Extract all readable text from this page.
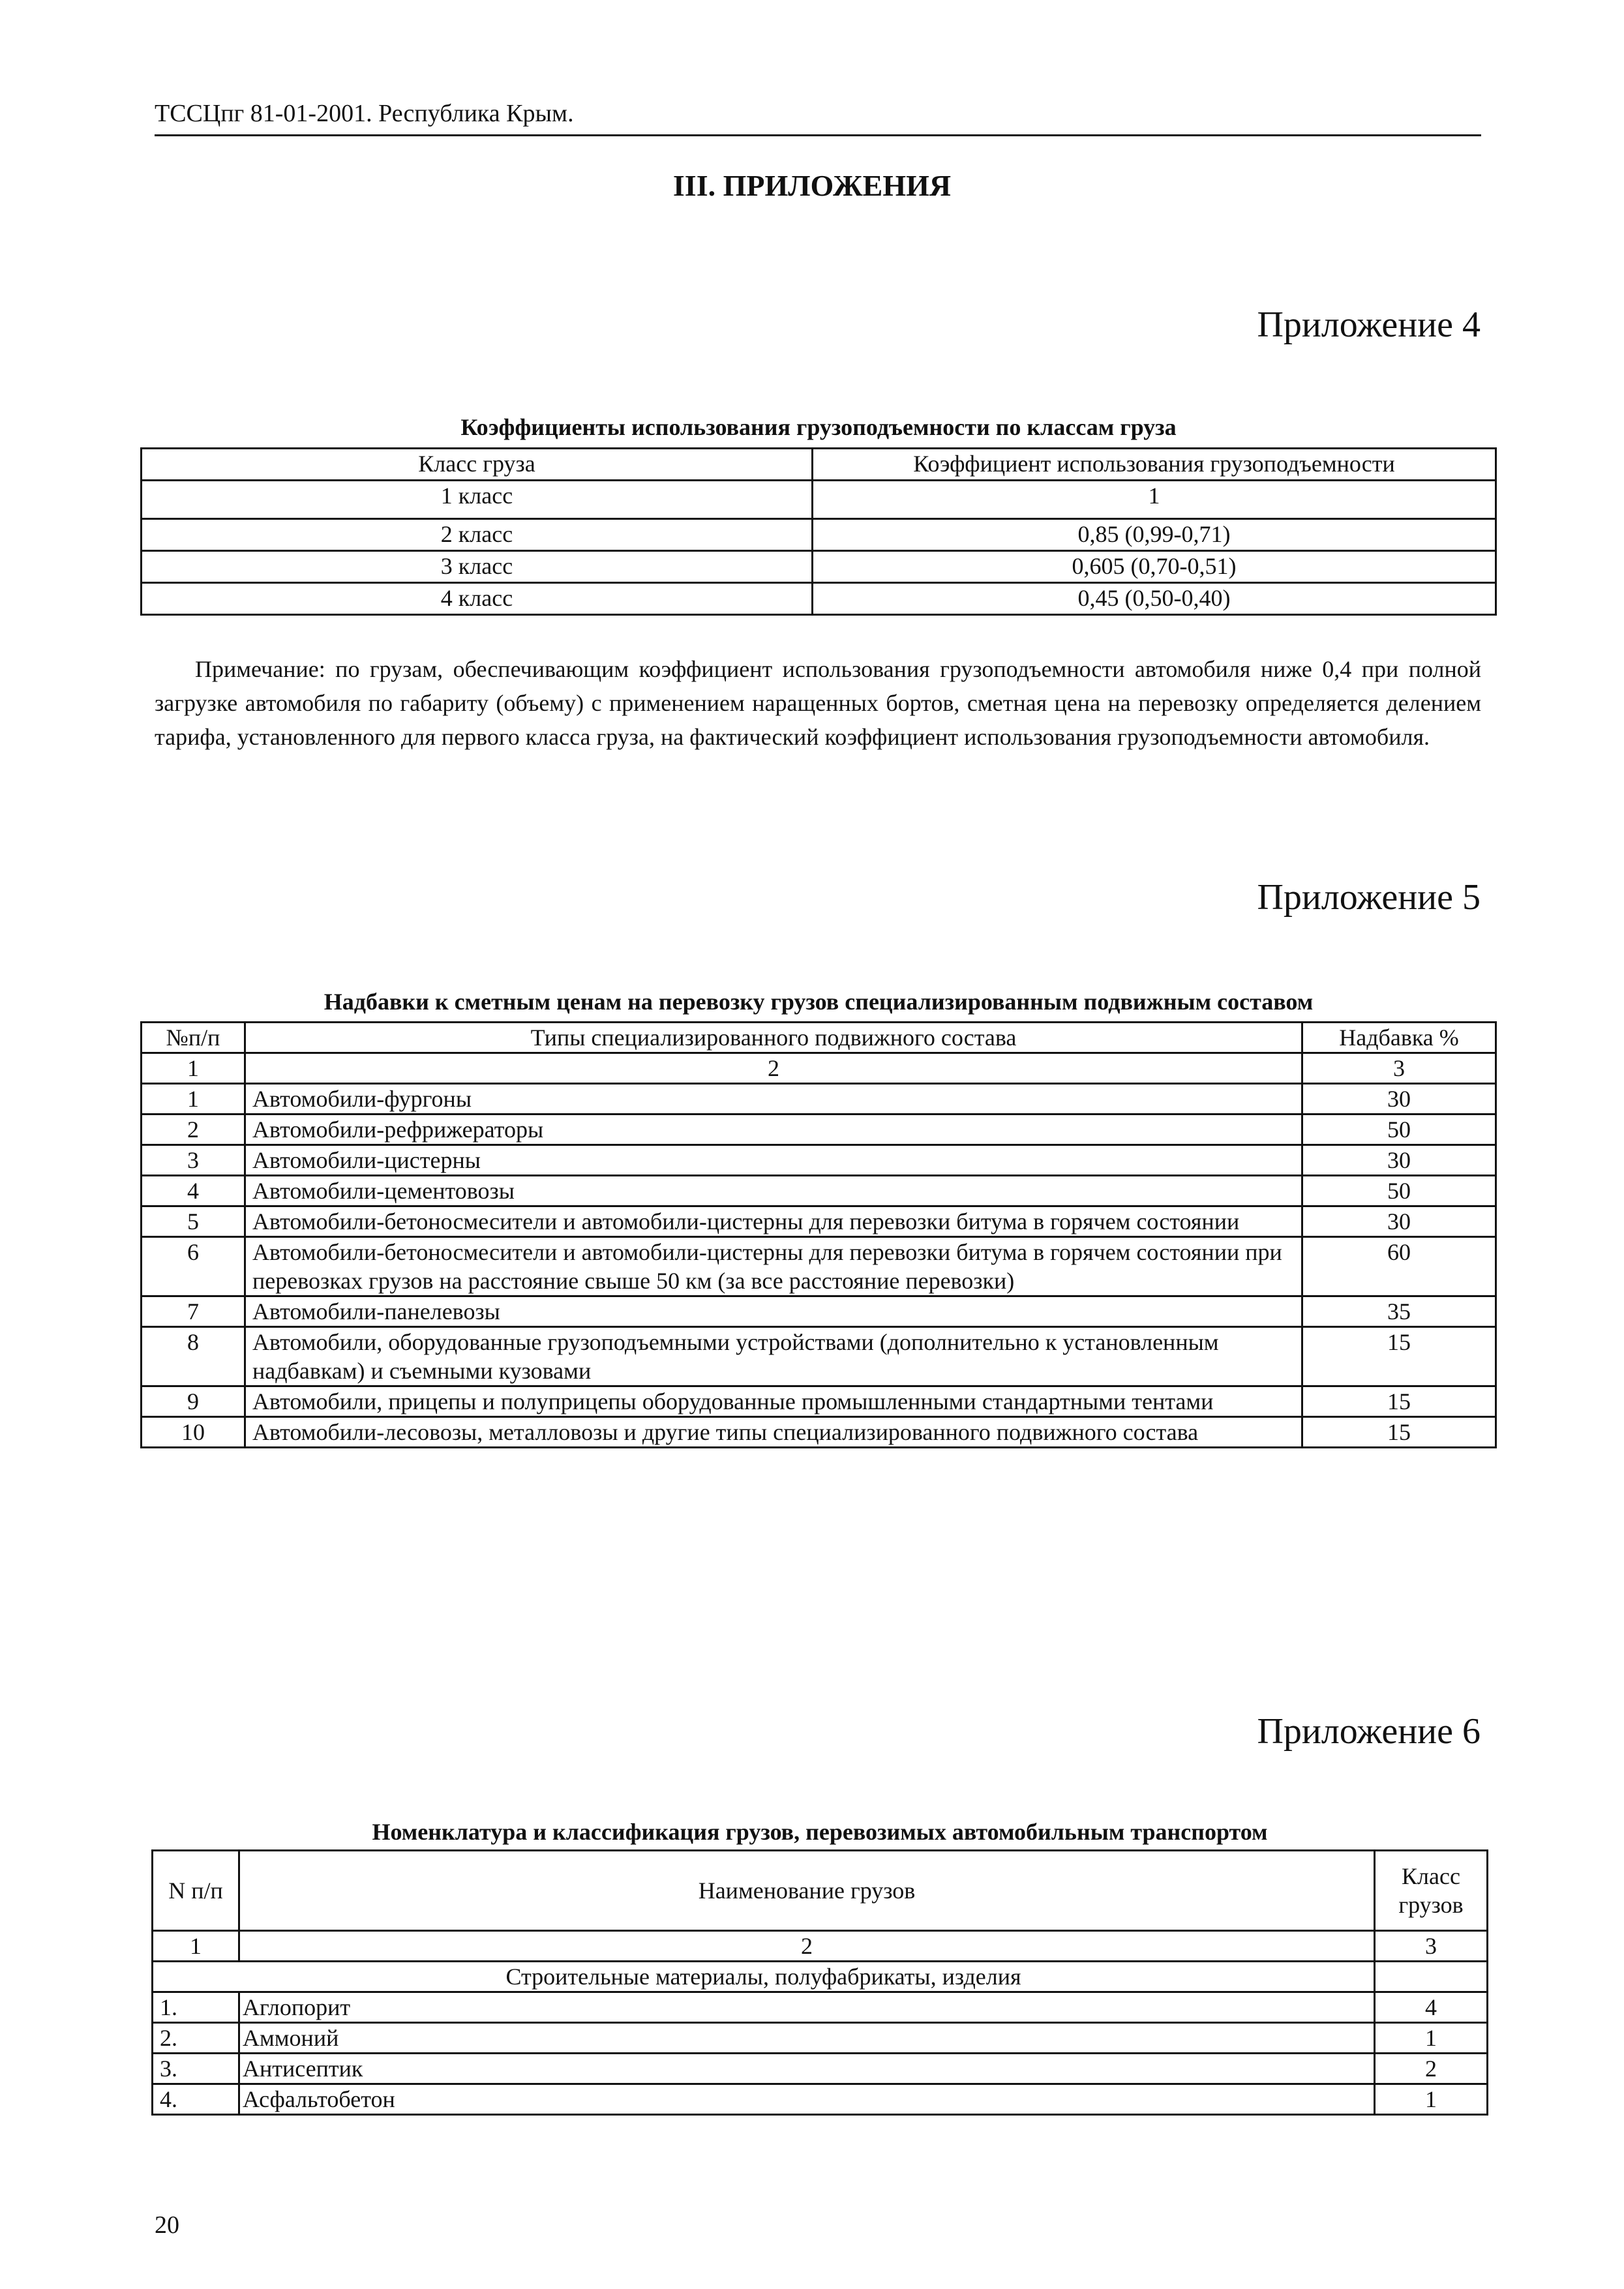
ТССЦпг 81-01-2001. Республика Крым.
III. ПРИЛОЖЕНИЯ
Приложение 4
Коэффициенты использования грузоподъемности по классам груза
Класс груза	Коэффициент использования грузоподъемности
1 класс	1
2 класс	0,85 (0,99-0,71)
3 класс	0,605 (0,70-0,51)
4 класс	0,45 (0,50-0,40)
Примечание: по грузам, обеспечивающим коэффициент использования грузоподъемности автомобиля ниже 0,4 при полной загрузке автомобиля по габариту (объему) с применением наращенных бортов, сметная цена на перевозку определяется делением тарифа, установленного для первого класса груза, на фактический коэффициент использования грузоподъемности автомобиля.
Приложение 5
Надбавки к сметным ценам на перевозку грузов специализированным подвижным составом
№п/п	Типы специализированного подвижного состава	Надбавка %
1	2	3
1	Автомобили-фургоны	30
2	Автомобили-рефрижераторы	50
3	Автомобили-цистерны	30
4	Автомобили-цементовозы	50
5	Автомобили-бетоносмесители и автомобили-цистерны для перевозки битума в горячем состоянии	30
6	Автомобили-бетоносмесители и автомобили-цистерны для перевозки битума в горячем состоянии при перевозках грузов на расстояние свыше 50 км (за все расстояние перевозки)	60
7	Автомобили-панелевозы	35
8	Автомобили, оборудованные грузоподъемными устройствами (дополнительно к установленным надбавкам) и съемными кузовами	15
9	Автомобили, прицепы и полуприцепы оборудованные промышленными стандартными тентами	15
10	Автомобили-лесовозы, металловозы и другие типы специализированного подвижного состава	15
Приложение 6
Номенклатура и классификация грузов, перевозимых автомобильным транспортом
N п/п	Наименование грузов	Класс грузов
1	2	3
Строительные материалы, полуфабрикаты, изделия		
1.	Аглопорит	4
2.	Аммоний	1
3.	Антисептик	2
4.	Асфальтобетон	1
20
